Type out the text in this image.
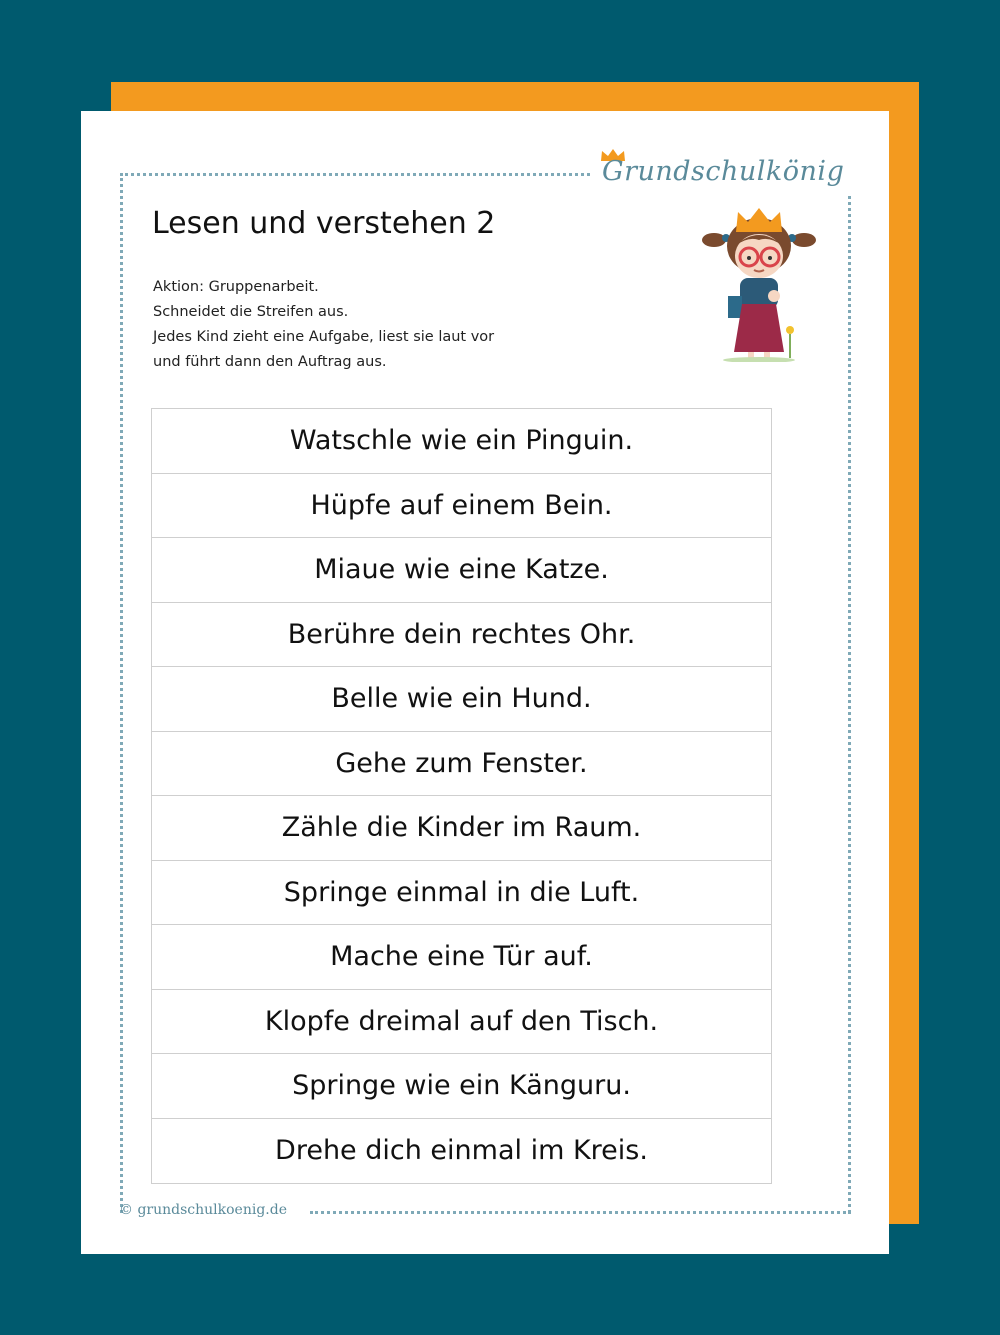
Grundschulkönig
Lesen und verstehen 2
Aktion: Gruppenarbeit.
Schneidet die Streifen aus.
Jedes Kind zieht eine Aufgabe, liest sie laut vor
und führt dann den Auftrag aus.
Watschle wie ein Pinguin.
Hüpfe auf einem Bein.
Miaue wie eine Katze.
Berühre dein rechtes Ohr.
Belle wie ein Hund.
Gehe zum Fenster.
Zähle die Kinder im Raum.
Springe einmal in die Luft.
Mache eine Tür auf.
Klopfe dreimal auf den Tisch.
Springe wie ein Känguru.
Drehe dich einmal im Kreis.
© grundschulkoenig.de
